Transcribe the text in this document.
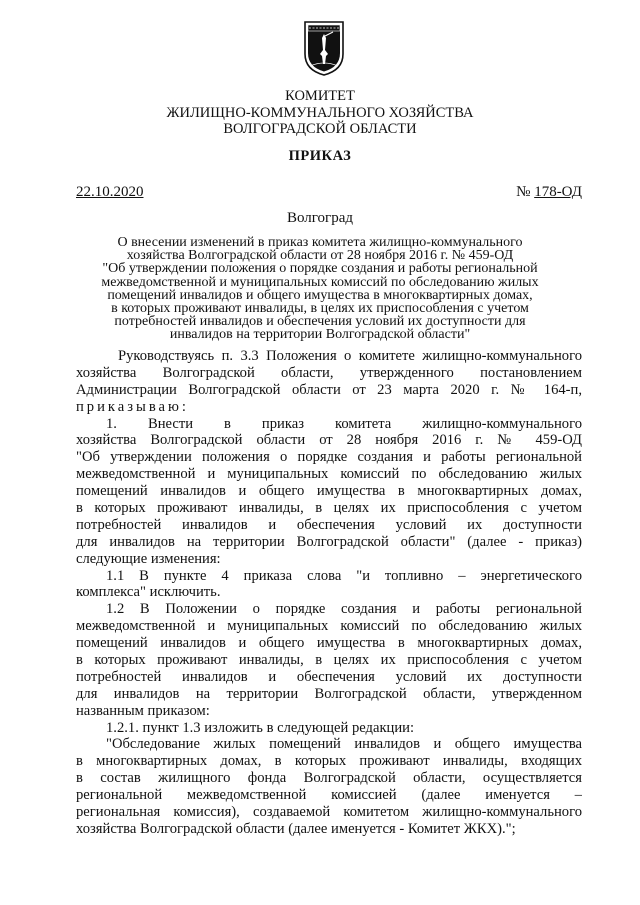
КОМИТЕТ
ЖИЛИЩНО-КОММУНАЛЬНОГО ХОЗЯЙСТВА
ВОЛГОГРАДСКОЙ ОБЛАСТИ
ПРИКАЗ
22.10.2020	№ 178-ОД
Волгоград
О внесении изменений в приказ комитета жилищно-коммунального
хозяйства Волгоградской области от 28 ноября 2016 г. № 459-ОД
"Об утверждении положения о порядке создания и работы региональной
межведомственной и муниципальных комиссий по обследованию жилых
помещений инвалидов и общего имущества в многоквартирных домах,
в которых проживают инвалиды, в целях их приспособления с учетом
потребностей инвалидов и обеспечения условий их доступности для
инвалидов на территории Волгоградской области"
Руководствуясь п. 3.3 Положения о комитете жилищно-коммунального
хозяйства Волгоградской области, утвержденного постановлением
Администрации Волгоградской области от 23 марта 2020 г. № 164-п,
приказываю:
1. Внести в приказ комитета жилищно-коммунального
хозяйства Волгоградской области от 28 ноября 2016 г. № 459-ОД
"Об утверждении положения о порядке создания и работы региональной
межведомственной и муниципальных комиссий по обследованию жилых
помещений инвалидов и общего имущества в многоквартирных домах,
в которых проживают инвалиды, в целях их приспособления с учетом
потребностей инвалидов и обеспечения условий их доступности
для инвалидов на территории Волгоградской области" (далее - приказ)
следующие изменения:
1.1 В пункте 4 приказа слова "и топливно – энергетического
комплекса" исключить.
1.2 В Положении о порядке создания и работы региональной
межведомственной и муниципальных комиссий по обследованию жилых
помещений инвалидов и общего имущества в многоквартирных домах,
в которых проживают инвалиды, в целях их приспособления с учетом
потребностей инвалидов и обеспечения условий их доступности
для инвалидов на территории Волгоградской области, утвержденном
названным приказом:
1.2.1. пункт 1.3 изложить в следующей редакции:
"Обследование жилых помещений инвалидов и общего имущества
в многоквартирных домах, в которых проживают инвалиды, входящих
в состав жилищного фонда Волгоградской области, осуществляется
региональной межведомственной комиссией (далее именуется –
региональная комиссия), создаваемой комитетом жилищно-коммунального
хозяйства Волгоградской области (далее именуется - Комитет ЖКХ).";
